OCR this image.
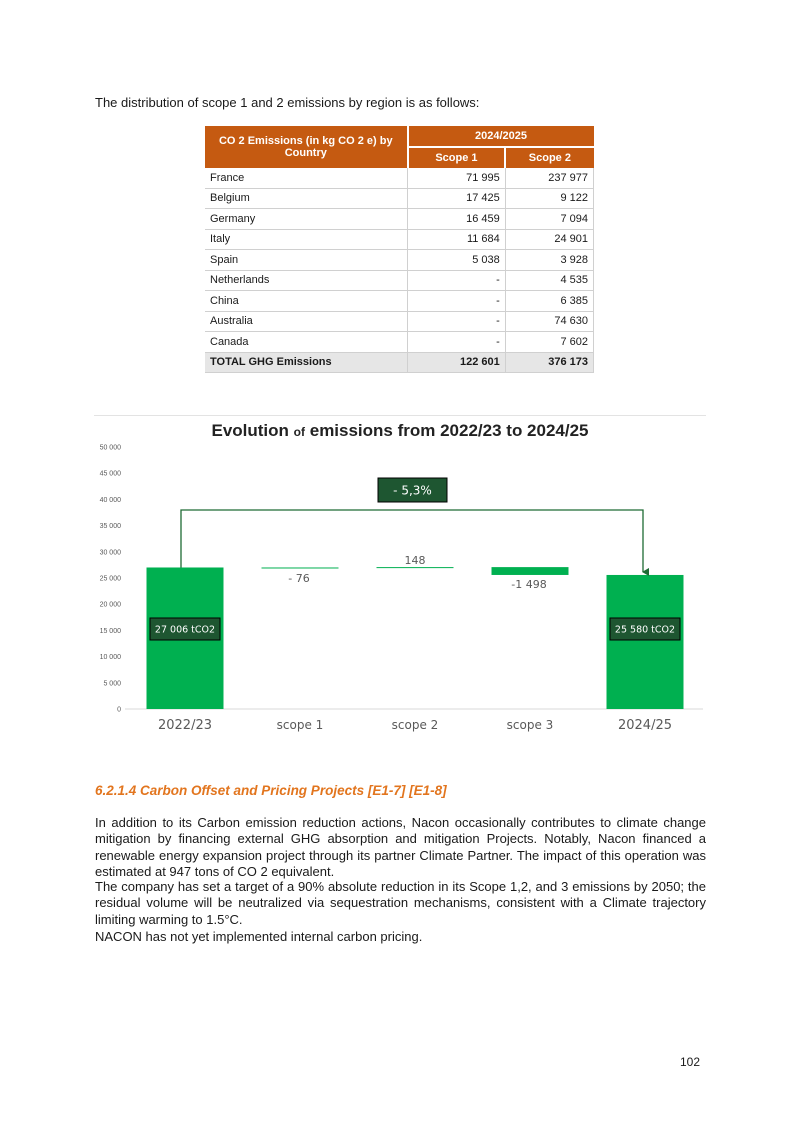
The distribution of scope 1 and 2 emissions by region is as follows:
CO 2 Emissions (in kg CO 2 e) by Country	2024/2025	
	Scope 1	Scope 2
France	71 995	237 977
Belgium	17 425	9 122
Germany	16 459	7 094
Italy	11 684	24 901
Spain	5 038	3 928
Netherlands	-	4 535
China	-	6 385
Australia	-	74 630
Canada	-	7 602
TOTAL GHG Emissions	122 601	376 173
Evolution of emissions from 2022/23 to 2024/25
0
5 000
10 000
15 000
20 000
25 000
30 000
35 000
40 000
45 000
50 000
2022/23	scope 1	scope 2	scope 3	2024/25
- 5,3%
27 006 tCO2	25 580 tCO2
- 76
148
-1 498
6.2.1.4 Carbon Offset and Pricing Projects [E1-7] [E1-8]
In addition to its Carbon emission reduction actions, Nacon occasionally contributes to climate change mitigation by financing external GHG absorption and mitigation Projects. Notably, Nacon financed a renewable energy expansion project through its partner Climate Partner. The impact of this operation was estimated at 947 tons of CO 2 equivalent.
The company has set a target of a 90% absolute reduction in its Scope 1,2, and 3 emissions by 2050; the residual volume will be neutralized via sequestration mechanisms, consistent with a Climate trajectory limiting warming to 1.5°C.
NACON has not yet implemented internal carbon pricing.
102
